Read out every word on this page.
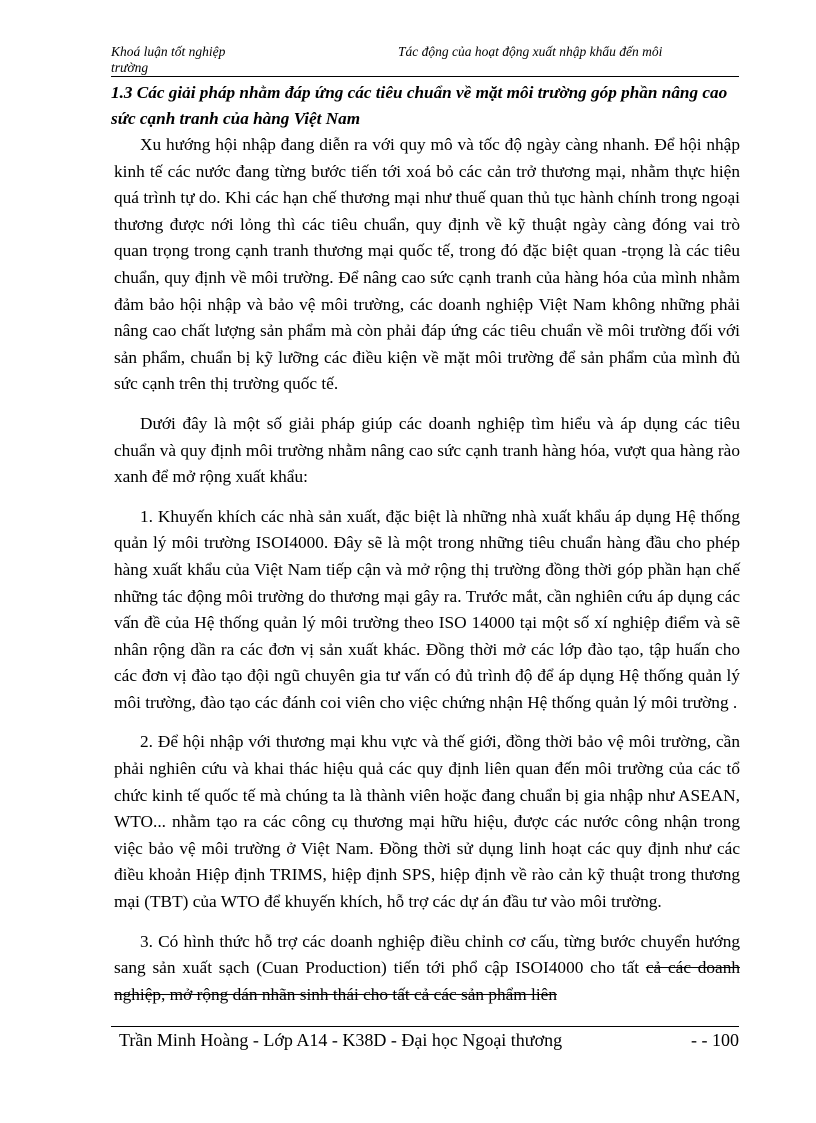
Khoá luận tốt nghiệp	Tác động của hoạt động xuất nhập khẩu đến môi
trường
1.3 Các giải pháp nhằm đáp ứng các tiêu chuẩn về mặt môi trường góp phần nâng cao sức cạnh tranh của hàng Việt Nam

Xu hướng hội nhập đang diễn ra với quy mô và tốc độ ngày càng nhanh. Để hội nhập kinh tế các nước đang từng bước tiến tới xoá bỏ các cản trở thương mại, nhằm thực hiện quá trình tự do. Khi các hạn chế thương mại như thuế quan thủ tục hành chính trong ngoại thương được nới lỏng thì các tiêu chuẩn, quy định về kỹ thuật ngày càng đóng vai trò quan trọng trong cạnh tranh thương mại quốc tế, trong đó đặc biệt quan -trọng là các tiêu chuẩn, quy định về môi trường. Để nâng cao sức cạnh tranh của hàng hóa của mình nhằm đảm bảo hội nhập và bảo vệ môi trường, các doanh nghiệp Việt Nam không những phải nâng cao chất lượng sản phẩm mà còn phải đáp ứng các tiêu chuẩn về môi trường đối với sản phẩm, chuẩn bị kỹ lưỡng các điều kiện về mặt môi trường để sản phẩm của mình đủ sức cạnh trên thị trường quốc tế.

Dưới đây là một số giải pháp giúp các doanh nghiệp tìm hiểu và áp dụng các tiêu chuẩn và quy định môi trường nhằm nâng cao sức cạnh tranh hàng hóa, vượt qua hàng rào xanh để mở rộng xuất khẩu:

1. Khuyến khích các nhà sản xuất, đặc biệt là những nhà xuất khẩu áp dụng Hệ thống quản lý môi trường ISOI4000. Đây sẽ là một trong những tiêu chuẩn hàng đầu cho phép hàng xuất khẩu của Việt Nam tiếp cận và mở rộng thị trường đồng thời góp phần hạn chế những tác động môi trường do thương mại gây ra. Trước mắt, cần nghiên cứu áp dụng các vấn đề của Hệ thống quản lý môi trường theo ISO 14000 tại một số xí nghiệp điểm và sẽ nhân rộng dần ra các đơn vị sản xuất khác. Đồng thời mở các lớp đào tạo, tập huấn cho các đơn vị đào tạo đội ngũ chuyên gia tư vấn có đủ trình độ để áp dụng Hệ thống quản lý môi trường, đào tạo các đánh coi viên cho việc chứng nhận Hệ thống quản lý môi trường .

2. Để hội nhập với thương mại khu vực và thế giới, đồng thời bảo vệ môi trường, cần phải nghiên cứu và khai thác hiệu quả các quy định liên quan đến môi trường của các tổ chức kinh tế quốc tế mà chúng ta là thành viên hoặc đang chuẩn bị gia nhập như ASEAN, WTO... nhằm tạo ra các công cụ thương mại hữu hiệu, được các nước công nhận trong việc bảo vệ môi trường ở Việt Nam. Đồng thời sử dụng linh hoạt các quy định như các điều khoản Hiệp định TRIMS, hiệp định SPS, hiệp định về rào cản kỹ thuật trong thương mại (TBT) của WTO để khuyến khích, hỗ trợ các dự án đầu tư vào môi trường.

3. Có hình thức hỗ trợ các doanh nghiệp điều chỉnh cơ cấu, từng bước chuyển hướng sang sản xuất sạch (Cuan Production) tiến tới phổ cập ISOI4000 cho tất cả các doanh nghiệp, mở rộng dán nhãn sinh thái cho tất cả các sản phẩm liên

Trần Minh Hoàng - Lớp A14 - K38D - Đại học Ngoại thương	- - 100
